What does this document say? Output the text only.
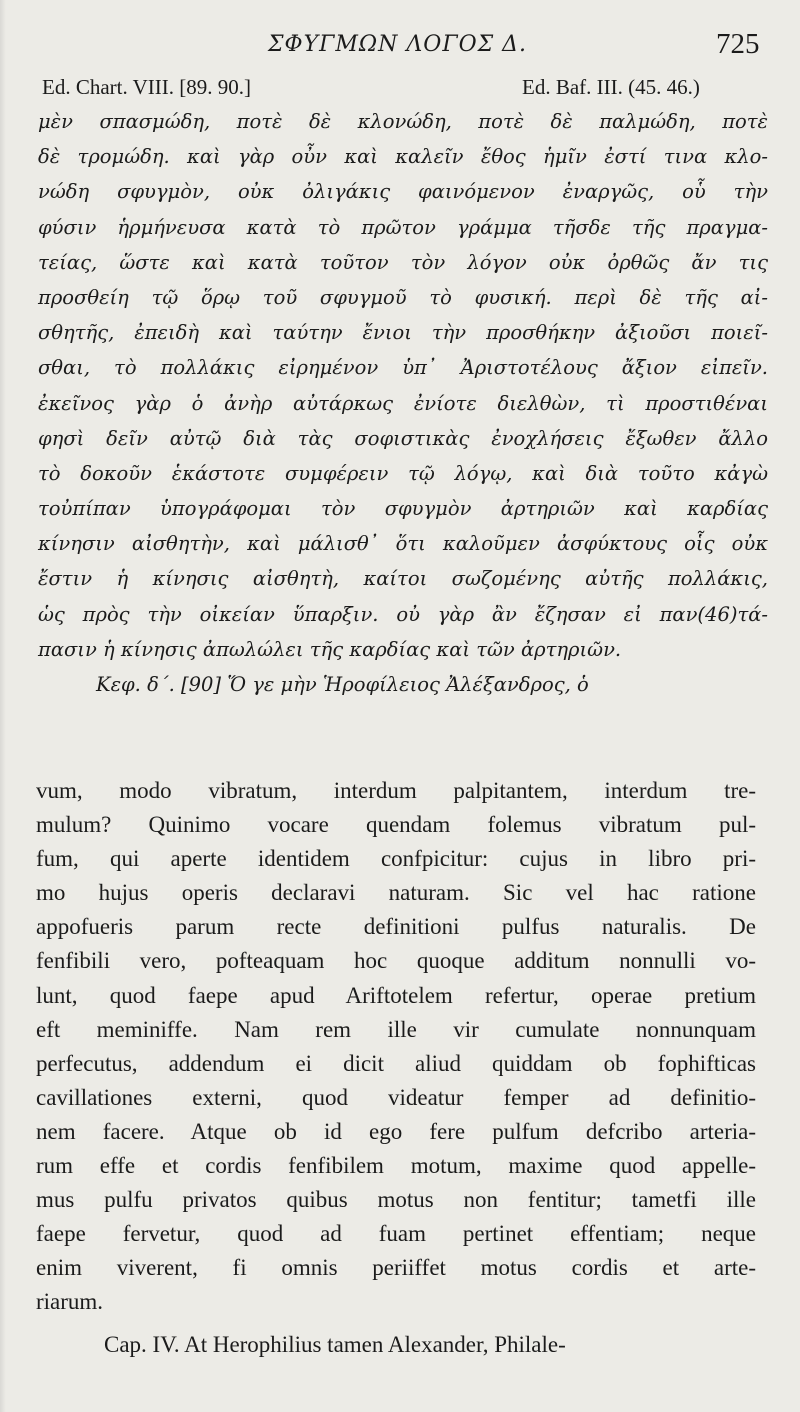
ΣΦΥΓΜΩΝ ΛΟΓΟΣ Δ.	725
Ed. Chart. VIII. [89. 90.]	Ed. Baf. III. (45. 46.)
μὲν σπασμώδη, ποτὲ δὲ κλονώδη, ποτὲ δὲ παλμώδη, ποτὲ
δὲ τρομώδη. καὶ γὰρ οὖν καὶ καλεῖν ἔθος ἡμῖν ἐστί τινα κλο-
νώδη σφυγμὸν, οὐκ ὀλιγάκις φαινόμενον ἐναργῶς, οὗ τὴν
φύσιν ἡρμήνευσα κατὰ τὸ πρῶτον γράμμα τῆσδε τῆς πραγμα-
τείας, ὥστε καὶ κατὰ τοῦτον τὸν λόγον οὐκ ὀρθῶς ἄν τις
προσθείη τῷ ὅρῳ τοῦ σφυγμοῦ τὸ φυσική. περὶ δὲ τῆς αἰ-
σθητῆς, ἐπειδὴ καὶ ταύτην ἔνιοι τὴν προσθήκην ἀξιοῦσι ποιεῖ-
σθαι, τὸ πολλάκις εἰρημένον ὑπ᾽ Ἀριστοτέλους ἄξιον εἰπεῖν.
ἐκεῖνος γὰρ ὁ ἀνὴρ αὐτάρκως ἐνίοτε διελθὼν, τὶ προστιθέναι
φησὶ δεῖν αὐτῷ διὰ τὰς σοφιστικὰς ἐνοχλήσεις ἔξωθεν ἄλλο
τὸ δοκοῦν ἑκάστοτε συμφέρειν τῷ λόγῳ, καὶ διὰ τοῦτο κἀγὼ
τοὐπίπαν ὑπογράφομαι τὸν σφυγμὸν ἀρτηριῶν καὶ καρδίας
κίνησιν αἰσθητὴν, καὶ μάλισθ᾽ ὅτι καλοῦμεν ἀσφύκτους οἷς οὐκ
ἔστιν ἡ κίνησις αἰσθητὴ, καίτοι σωζομένης αὐτῆς πολλάκις,
ὡς πρὸς τὴν οἰκείαν ὕπαρξιν. οὐ γὰρ ἂν ἔζησαν εἰ παν(46)τά-
πασιν ἡ κίνησις ἀπωλώλει τῆς καρδίας καὶ τῶν ἀρτηριῶν.
Κεφ. δ΄. [90] Ὅ γε μὴν Ἡροφίλειος Ἀλέξανδρος, ὁ
vum, modo vibratum, interdum palpitantem, interdum tre-
mulum? Quinimo vocare quendam folemus vibratum pul-
fum, qui aperte identidem confpicitur: cujus in libro pri-
mo hujus operis declaravi naturam. Sic vel hac ratione
appofueris parum recte definitioni pulfus naturalis. De
fenfibili vero, pofteaquam hoc quoque additum nonnulli vo-
lunt, quod faepe apud Ariftotelem refertur, operae pretium
eft meminiffe. Nam rem ille vir cumulate nonnunquam
perfecutus, addendum ei dicit aliud quiddam ob fophifticas
cavillationes externi, quod videatur femper ad definitio-
nem facere. Atque ob id ego fere pulfum defcribo arteria-
rum effe et cordis fenfibilem motum, maxime quod appelle-
mus pulfu privatos quibus motus non fentitur; tametfi ille
faepe fervetur, quod ad fuam pertinet effentiam; neque
enim viverent, fi omnis periiffet motus cordis et arte-
riarum.
Cap. IV. At Herophilius tamen Alexander, Philale-
